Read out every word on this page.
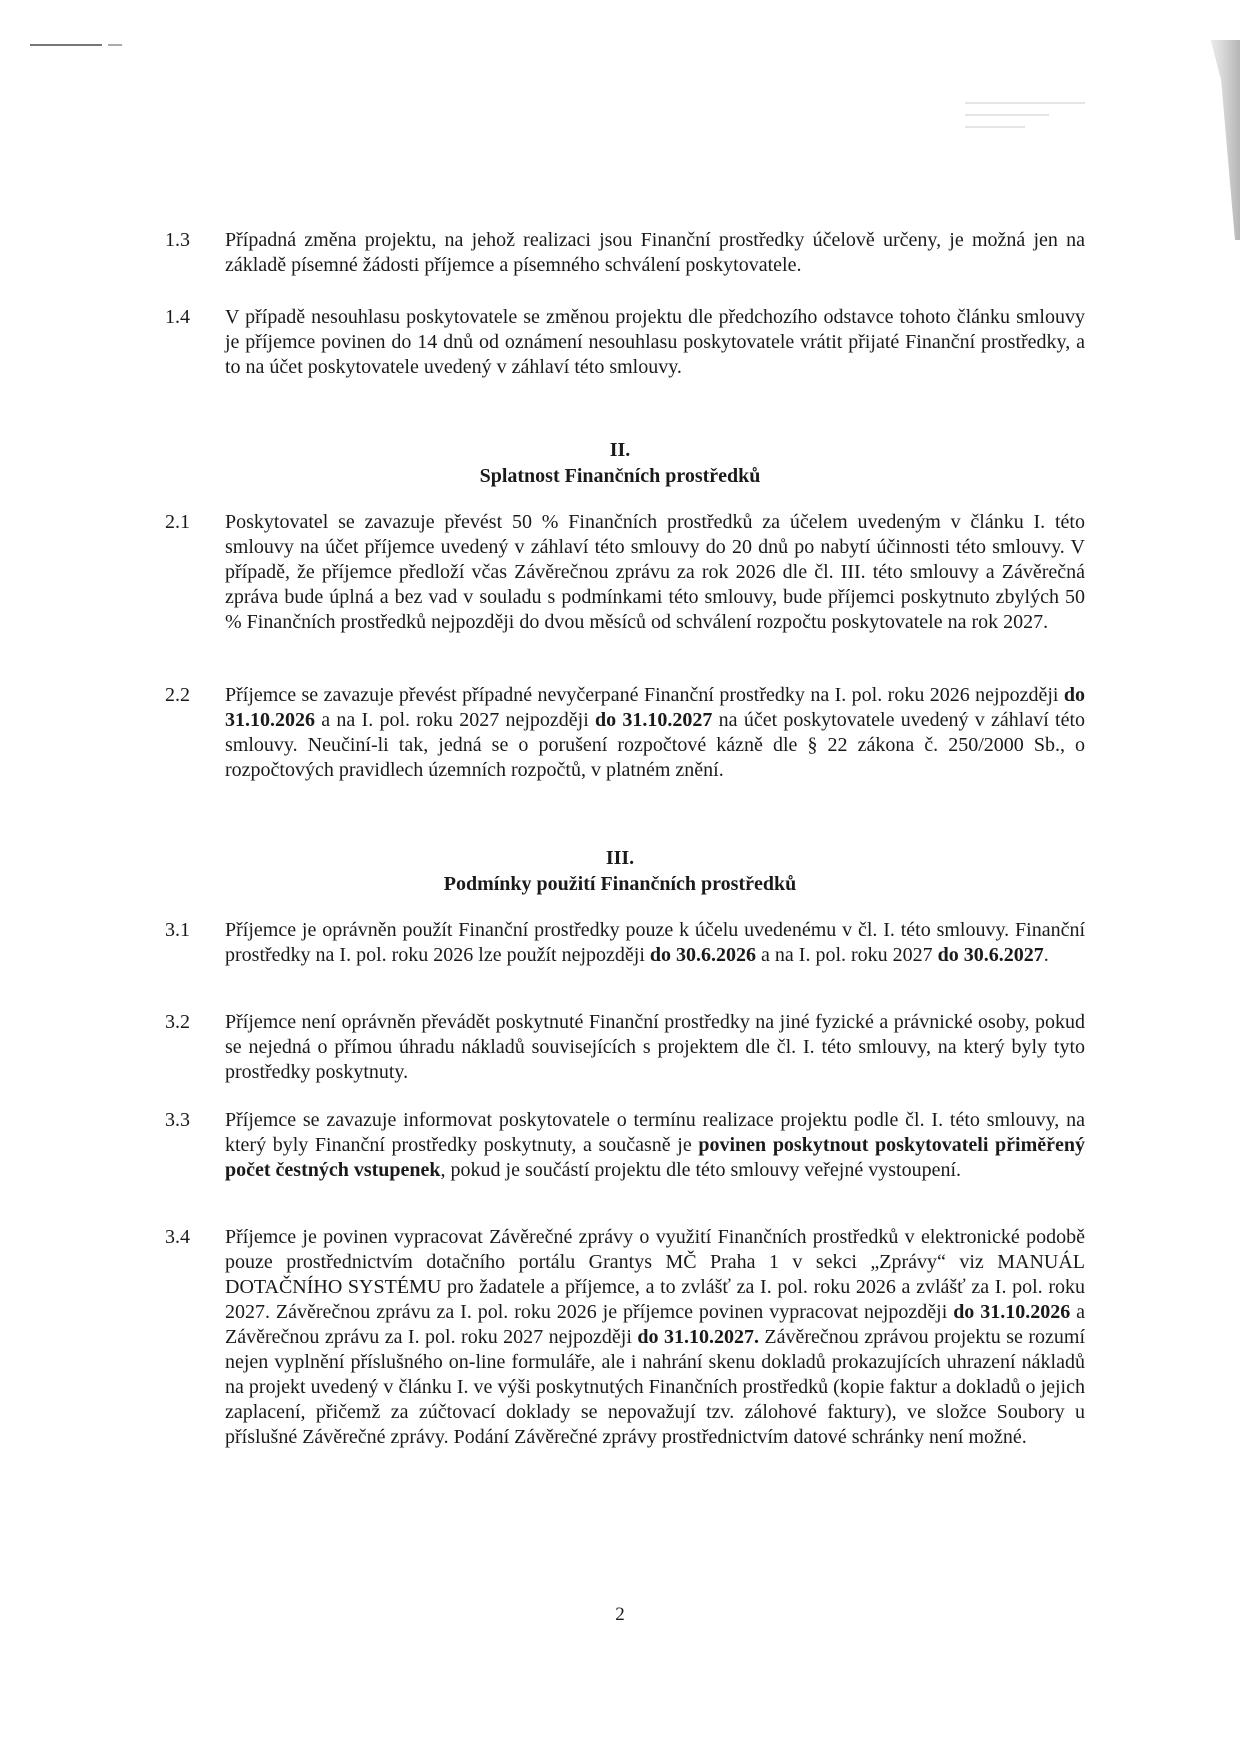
1.3 Případná změna projektu, na jehož realizaci jsou Finanční prostředky účelově určeny, je možná jen na základě písemné žádosti příjemce a písemného schválení poskytovatele.
1.4 V případě nesouhlasu poskytovatele se změnou projektu dle předchozího odstavce tohoto článku smlouvy je příjemce povinen do 14 dnů od oznámení nesouhlasu poskytovatele vrátit přijaté Finanční prostředky, a to na účet poskytovatele uvedený v záhlaví této smlouvy.
II.
Splatnost Finančních prostředků
2.1 Poskytovatel se zavazuje převést 50 % Finančních prostředků za účelem uvedeným v článku I. této smlouvy na účet příjemce uvedený v záhlaví této smlouvy do 20 dnů po nabytí účinnosti této smlouvy. V případě, že příjemce předloží včas Závěrečnou zprávu za rok 2026 dle čl. III. této smlouvy a Závěrečná zpráva bude úplná a bez vad v souladu s podmínkami této smlouvy, bude příjemci poskytnuto zbylých 50 % Finančních prostředků nejpozději do dvou měsíců od schválení rozpočtu poskytovatele na rok 2027.
2.2 Příjemce se zavazuje převést případné nevyčerpané Finanční prostředky na I. pol. roku 2026 nejpozději do 31.10.2026 a na I. pol. roku 2027 nejpozději do 31.10.2027 na účet poskytovatele uvedený v záhlaví této smlouvy. Neučiní-li tak, jedná se o porušení rozpočtové kázně dle § 22 zákona č. 250/2000 Sb., o rozpočtových pravidlech územních rozpočtů, v platném znění.
III.
Podmínky použití Finančních prostředků
3.1 Příjemce je oprávněn použít Finanční prostředky pouze k účelu uvedenému v čl. I. této smlouvy. Finanční prostředky na I. pol. roku 2026 lze použít nejpozději do 30.6.2026 a na I. pol. roku 2027 do 30.6.2027.
3.2 Příjemce není oprávněn převádět poskytnuté Finanční prostředky na jiné fyzické a právnické osoby, pokud se nejedná o přímou úhradu nákladů souvisejících s projektem dle čl. I. této smlouvy, na který byly tyto prostředky poskytnuty.
3.3 Příjemce se zavazuje informovat poskytovatele o termínu realizace projektu podle čl. I. této smlouvy, na který byly Finanční prostředky poskytnuty, a současně je povinen poskytnout poskytovateli přiměřený počet čestných vstupenek, pokud je součástí projektu dle této smlouvy veřejné vystoupení.
3.4 Příjemce je povinen vypracovat Závěrečné zprávy o využití Finančních prostředků v elektronické podobě pouze prostřednictvím dotačního portálu Grantys MČ Praha 1 v sekci „Zprávy“ viz MANUÁL DOTAČNÍHO SYSTÉMU pro žadatele a příjemce, a to zvlášť za I. pol. roku 2026 a zvlášť za I. pol. roku 2027. Závěrečnou zprávu za I. pol. roku 2026 je příjemce povinen vypracovat nejpozději do 31.10.2026 a Závěrečnou zprávu za I. pol. roku 2027 nejpozději do 31.10.2027. Závěrečnou zprávou projektu se rozumí nejen vyplnění příslušného on-line formuláře, ale i nahrání skenu dokladů prokazujících uhrazení nákladů na projekt uvedený v článku I. ve výši poskytnutých Finančních prostředků (kopie faktur a dokladů o jejich zaplacení, přičemž za zúčtovací doklady se nepovažují tzv. zálohové faktury), ve složce Soubory u příslušné Závěrečné zprávy. Podání Závěrečné zprávy prostřednictvím datové schránky není možné.
2
